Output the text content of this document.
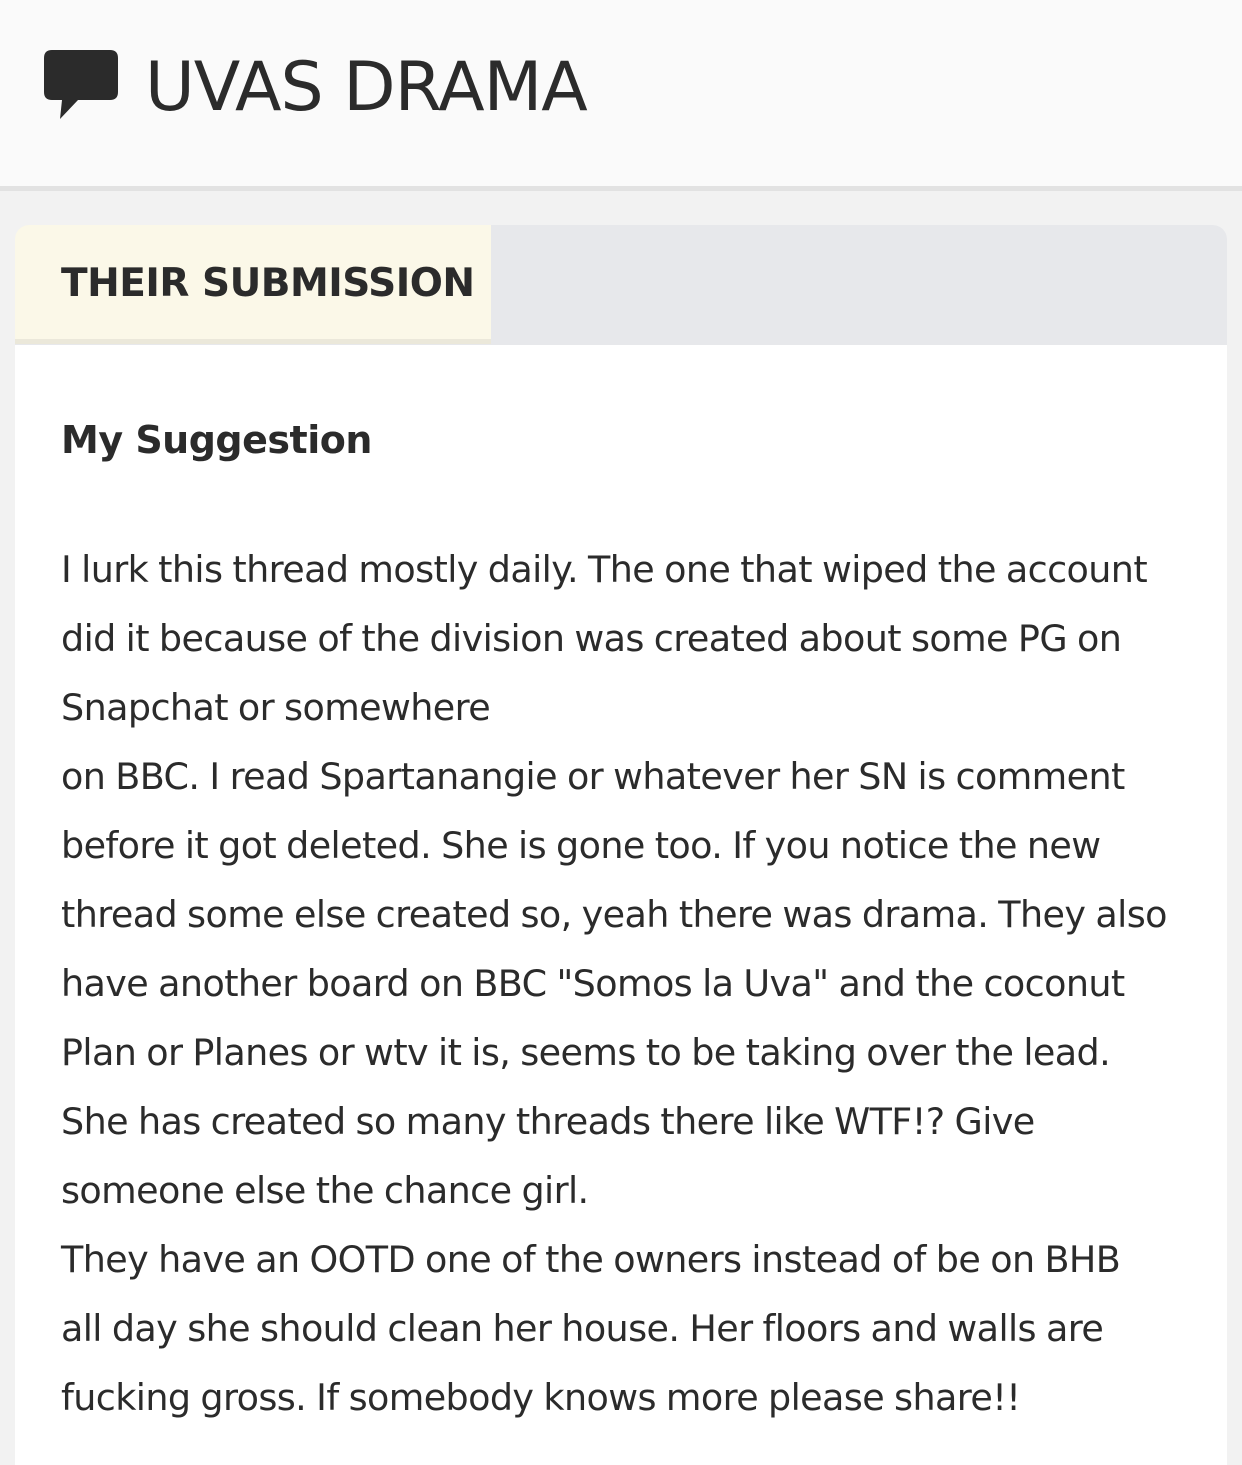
UVAS DRAMA
THEIR SUBMISSION
My Suggestion
I lurk this thread mostly daily. The one that wiped the account
did it because of the division was created about some PG on
Snapchat or somewhere
on BBC. I read Spartanangie or whatever her SN is comment
before it got deleted. She is gone too. If you notice the new
thread some else created so, yeah there was drama. They also
have another board on BBC "Somos la Uva" and the coconut
Plan or Planes or wtv it is, seems to be taking over the lead.
She has created so many threads there like WTF!? Give
someone else the chance girl.
They have an OOTD one of the owners instead of be on BHB
all day she should clean her house. Her floors and walls are
fucking gross. If somebody knows more please share!!
